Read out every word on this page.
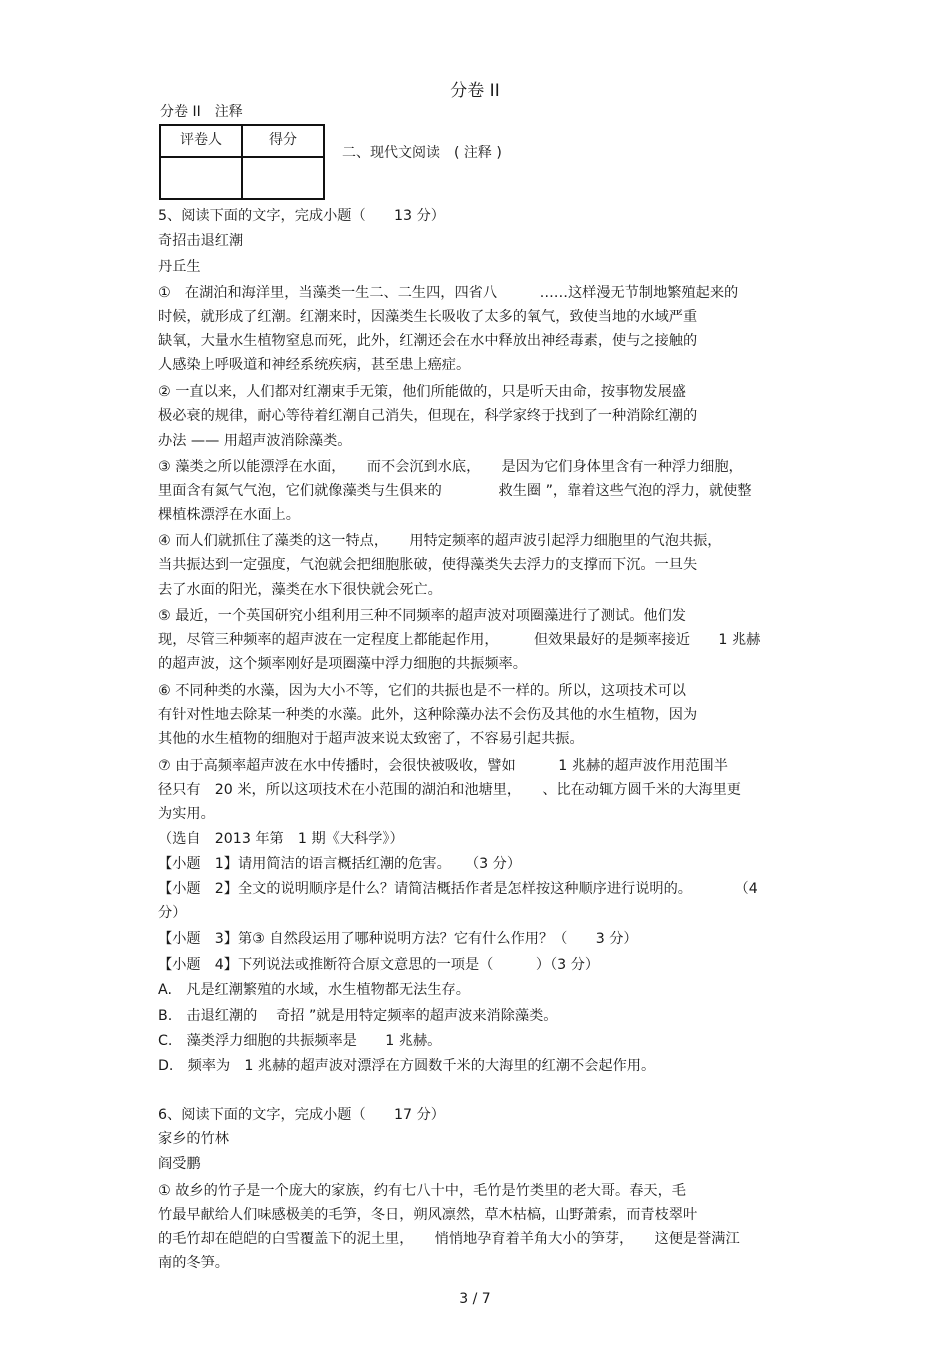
分卷 II
分卷 II　注释
评卷人	得分

二、现代文阅读　( 注释 )
5、阅读下面的文字，完成小题（　　13 分）
奇招击退红潮
丹丘生
①　在湖泊和海洋里，当藻类一生二、二生四，四省八　　　……这样漫无节制地繁殖起来的
时候，就形成了红潮。红潮来时，因藻类生长吸收了太多的氧气，致使当地的水域严重
缺氧，大量水生植物窒息而死，此外，红潮还会在水中释放出神经毒素，使与之接触的
人感染上呼吸道和神经系统疾病，甚至患上癌症。
② 一直以来，人们都对红潮束手无策，他们所能做的，只是听天由命，按事物发展盛
极必衰的规律，耐心等待着红潮自己消失，但现在，科学家终于找到了一种消除红潮的
办法 —— 用超声波消除藻类。
③ 藻类之所以能漂浮在水面，　　而不会沉到水底，　　是因为它们身体里含有一种浮力细胞，
里面含有氮气气泡，它们就像藻类与生俱来的　　　　救生圈 ”，靠着这些气泡的浮力，就使整
棵植株漂浮在水面上。
④ 而人们就抓住了藻类的这一特点，　　用特定频率的超声波引起浮力细胞里的气泡共振，
当共振达到一定强度，气泡就会把细胞胀破，使得藻类失去浮力的支撑而下沉。一旦失
去了水面的阳光，藻类在水下很快就会死亡。
⑤ 最近，一个英国研究小组利用三种不同频率的超声波对项圈藻进行了测试。他们发
现，尽管三种频率的超声波在一定程度上都能起作用，　　　但效果最好的是频率接近　　1 兆赫
的超声波，这个频率刚好是项圈藻中浮力细胞的共振频率。
⑥ 不同种类的水藻，因为大小不等，它们的共振也是不一样的。所以，这项技术可以
有针对性地去除某一种类的水藻。此外，这种除藻办法不会伤及其他的水生植物，因为
其他的水生植物的细胞对于超声波来说太致密了，不容易引起共振。
⑦ 由于高频率超声波在水中传播时，会很快被吸收，譬如　　　1 兆赫的超声波作用范围半
径只有　20 米，所以这项技术在小范围的湖泊和池塘里，　　、比在动辄方圆千米的大海里更
为实用。
（选自　2013 年第　1 期《大科学》）
【小题　1】请用简洁的语言概括红潮的危害。　　（3 分）
【小题　2】全文的说明顺序是什么？请简洁概括作者是怎样按这种顺序进行说明的。　　　　（4
分）
【小题　3】第③ 自然段运用了哪种说明方法？它有什么作用？（　　3 分）
【小题　4】下列说法或推断符合原文意思的一项是（　　　）（3 分）
A.　凡是红潮繁殖的水域，水生植物都无法生存。
B.　击退红潮的　 奇招 ”就是用特定频率的超声波来消除藻类。
C.　藻类浮力细胞的共振频率是　　1 兆赫。
D.　频率为　1 兆赫的超声波对漂浮在方圆数千米的大海里的红潮不会起作用。
6、阅读下面的文字，完成小题（　　17 分）
家乡的竹林
阎受鹏
① 故乡的竹子是一个庞大的家族，约有七八十中，毛竹是竹类里的老大哥。春天，毛
竹最早献给人们味感极美的毛笋，冬日，朔风凛然，草木枯槁，山野萧索，而青枝翠叶
的毛竹却在皑皑的白雪覆盖下的泥土里，　　悄悄地孕育着羊角大小的笋芽，　　这便是誉满江
南的冬笋。
3 / 7
